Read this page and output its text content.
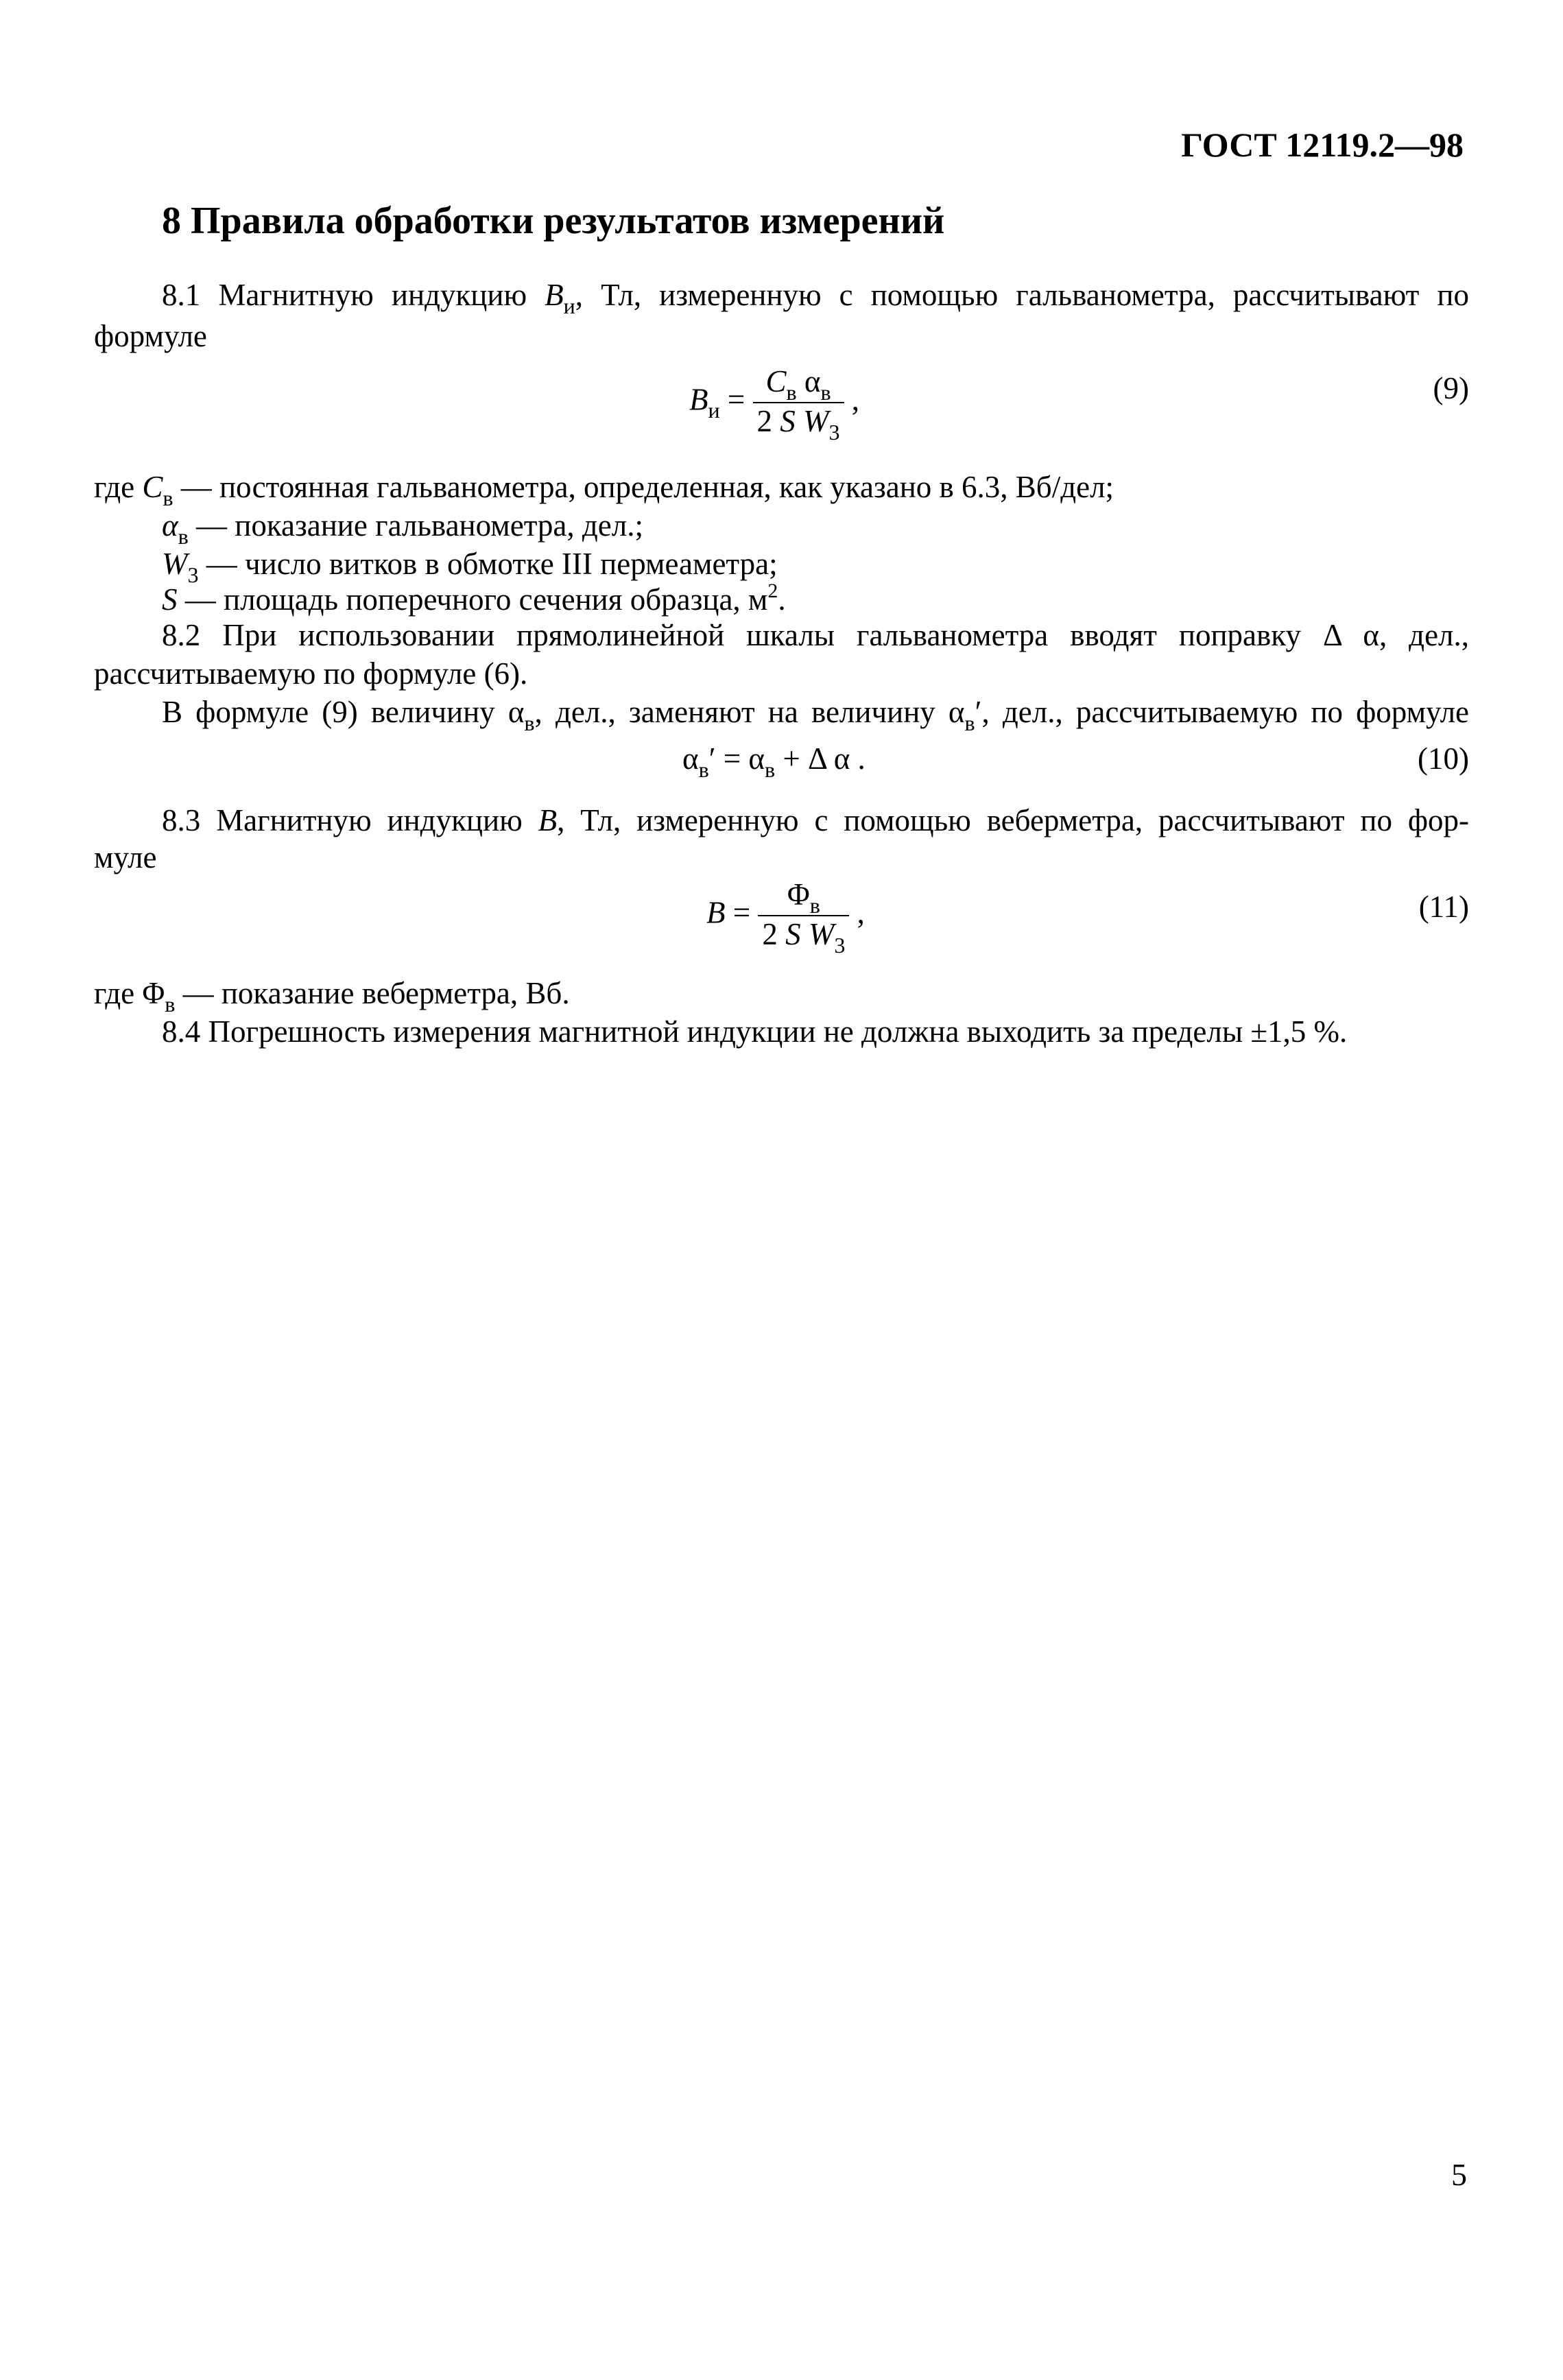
ГОСТ 12119.2—98
8 Правила обработки результатов измерений
8.1 Магнитную индукцию $B_и$, Тл, измеренную с помощью гальванометра, рассчитывают по
формуле
$B_и = \frac{C_в \alpha_в}{2 S W_3}$ ,	(9)
где $C_в$ — постоянная гальванометра, определенная, как указано в 6.3, Вб/дел;
$\alpha_в$ — показание гальванометра, дел.;
$W_3$ — число витков в обмотке III пермеаметра;
S — площадь поперечного сечения образца, $м^2$.
8.2 При использовании прямолинейной шкалы гальванометра вводят поправку Δ α, дел.,
рассчитываемую по формуле (6).
В формуле (9) величину $\alpha_в$, дел., заменяют на величину $\alpha_в'$, дел., рассчитываемую по формуле
$\alpha_в' = \alpha_в + \Delta$ α .	(10)
8.3 Магнитную индукцию B, Тл, измеренную с помощью веберметра, рассчитывают по фор-
муле
$B = \frac{\Phi_в}{2 S W_3}$ ,	(11)
где $\Phi_в$ — показание веберметра, Вб.
8.4 Погрешность измерения магнитной индукции не должна выходить за пределы ±1,5 %.
5
